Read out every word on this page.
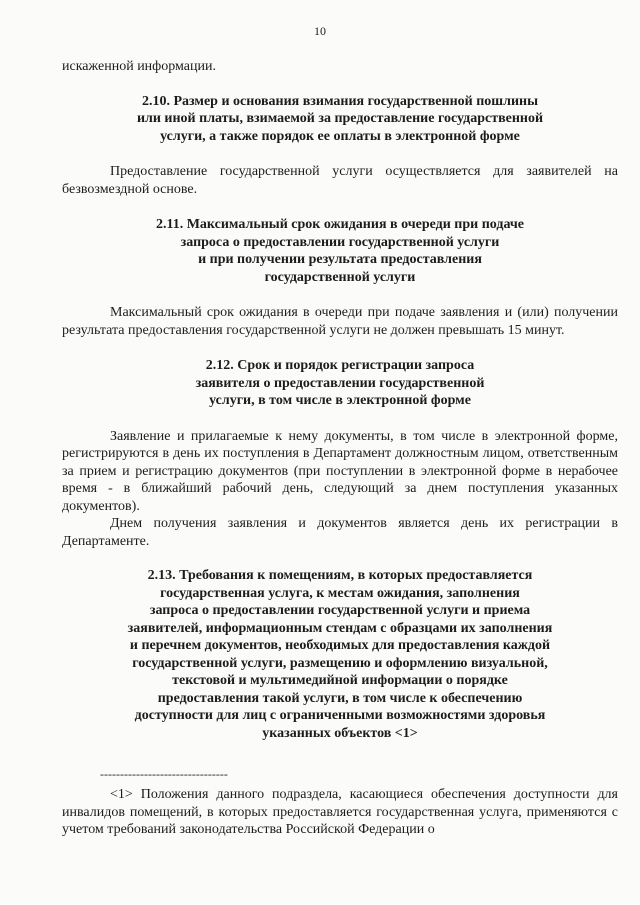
10

искаженной информации.

2.10. Размер и основания взимания государственной пошлины
или иной платы, взимаемой за предоставление государственной
услуги, а также порядок ее оплаты в электронной форме

Предоставление государственной услуги осуществляется для заявителей на безвозмездной основе.

2.11. Максимальный срок ожидания в очереди при подаче
запроса о предоставлении государственной услуги
и при получении результата предоставления
государственной услуги

Максимальный срок ожидания в очереди при подаче заявления и (или) получении результата предоставления государственной услуги не должен превышать 15 минут.

2.12. Срок и порядок регистрации запроса
заявителя о предоставлении государственной
услуги, в том числе в электронной форме

Заявление и прилагаемые к нему документы, в том числе в электронной форме, регистрируются в день их поступления в Департамент должностным лицом, ответственным за прием и регистрацию документов (при поступлении в электронной форме в нерабочее время - в ближайший рабочий день, следующий за днем поступления указанных документов).

Днем получения заявления и документов является день их регистрации в Департаменте.

2.13. Требования к помещениям, в которых предоставляется
государственная услуга, к местам ожидания, заполнения
запроса о предоставлении государственной услуги и приема
заявителей, информационным стендам с образцами их заполнения
и перечнем документов, необходимых для предоставления каждой
государственной услуги, размещению и оформлению визуальной,
текстовой и мультимедийной информации о порядке
предоставления такой услуги, в том числе к обеспечению
доступности для лиц с ограниченными возможностями здоровья
указанных объектов <1>
--------------------------------

<1> Положения данного подраздела, касающиеся обеспечения доступности для инвалидов помещений, в которых предоставляется государственная услуга, применяются с учетом требований законодательства Российской Федерации о
